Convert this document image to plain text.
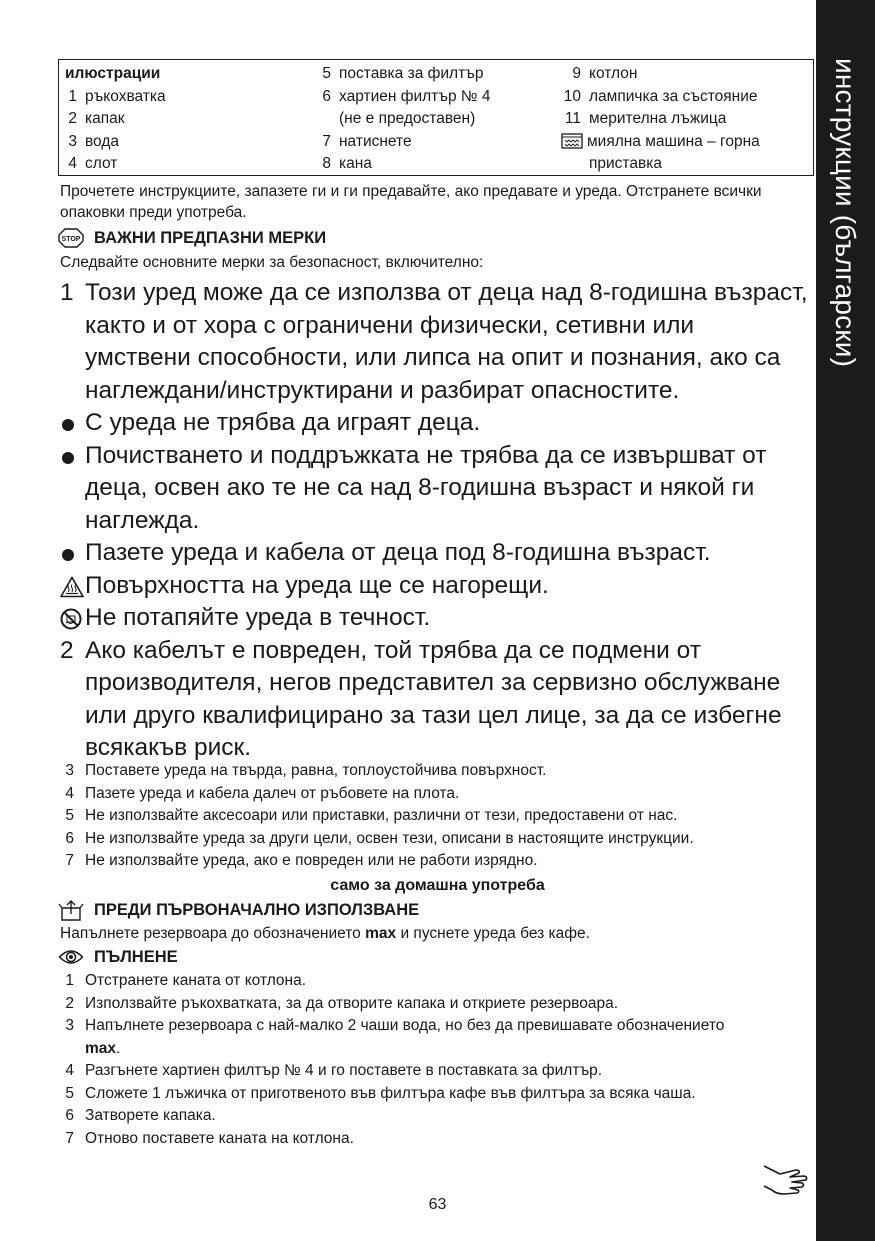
инструкции (български)
илюстрации
1 ръкохватка
2 капак
3 вода
4 слот
5 поставка за филтър
6 хартиен филтър № 4
(не е предоставен)
7 натиснете
8 кана
9 котлон
10 лампичка за състояние
11 мерителна лъжица
миялна машина – горна
приставка

Прочетете инструкциите, запазете ги и ги предавайте, ако предавате и уреда. Отстранете всички опаковки преди употреба.

STOP ВАЖНИ ПРЕДПАЗНИ МЕРКИ

Следвайте основните мерки за безопасност, включително:

1 Този уред може да се използва от деца над 8-годишна възраст,
както и от хора с ограничени физически, сетивни или
умствени способности, или липса на опит и познания, ако са
наглеждани/инструктирани и разбират опасностите.
С уреда не трябва да играят деца.
Почистването и поддръжката не трябва да се извършват от
деца, освен ако те не са над 8-годишна възраст и някой ги
наглежда.
Пазете уреда и кабела от деца под 8-годишна възраст.
Повърхността на уреда ще се нагорещи.
Не потапяйте уреда в течност.
2 Ако кабелът е повреден, той трябва да се подмени от
производителя, негов представител за сервизно обслужване
или друго квалифицирано за тази цел лице, за да се избегне
всякакъв риск.
3 Поставете уреда на твърда, равна, топлоустойчива повърхност.
4 Пазете уреда и кабела далеч от ръбовете на плота.
5 Не използвайте аксесоари или приставки, различни от тези, предоставени от нас.
6 Не използвайте уреда за други цели, освен тези, описани в настоящите инструкции.
7 Не използвайте уреда, ако е повреден или не работи изрядно.
само за домашна употреба
ПРЕДИ ПЪРВОНАЧАЛНО ИЗПОЛЗВАНЕ

Напълнете резервоара до обозначението max и пуснете уреда без кафе.

ПЪЛНЕНЕ
1 Отстранете каната от котлона.
2 Използвайте ръкохватката, за да отворите капака и откриете резервоара.
3 Напълнете резервоара с най-малко 2 чаши вода, но без да превишавате обозначението
max.
4 Разгънете хартиен филтър № 4 и го поставете в поставката за филтър.
5 Сложете 1 лъжичка от приготвеното във филтъра кафе във филтъра за всяка чаша.
6 Затворете капака.
7 Отново поставете каната на котлона.
63
